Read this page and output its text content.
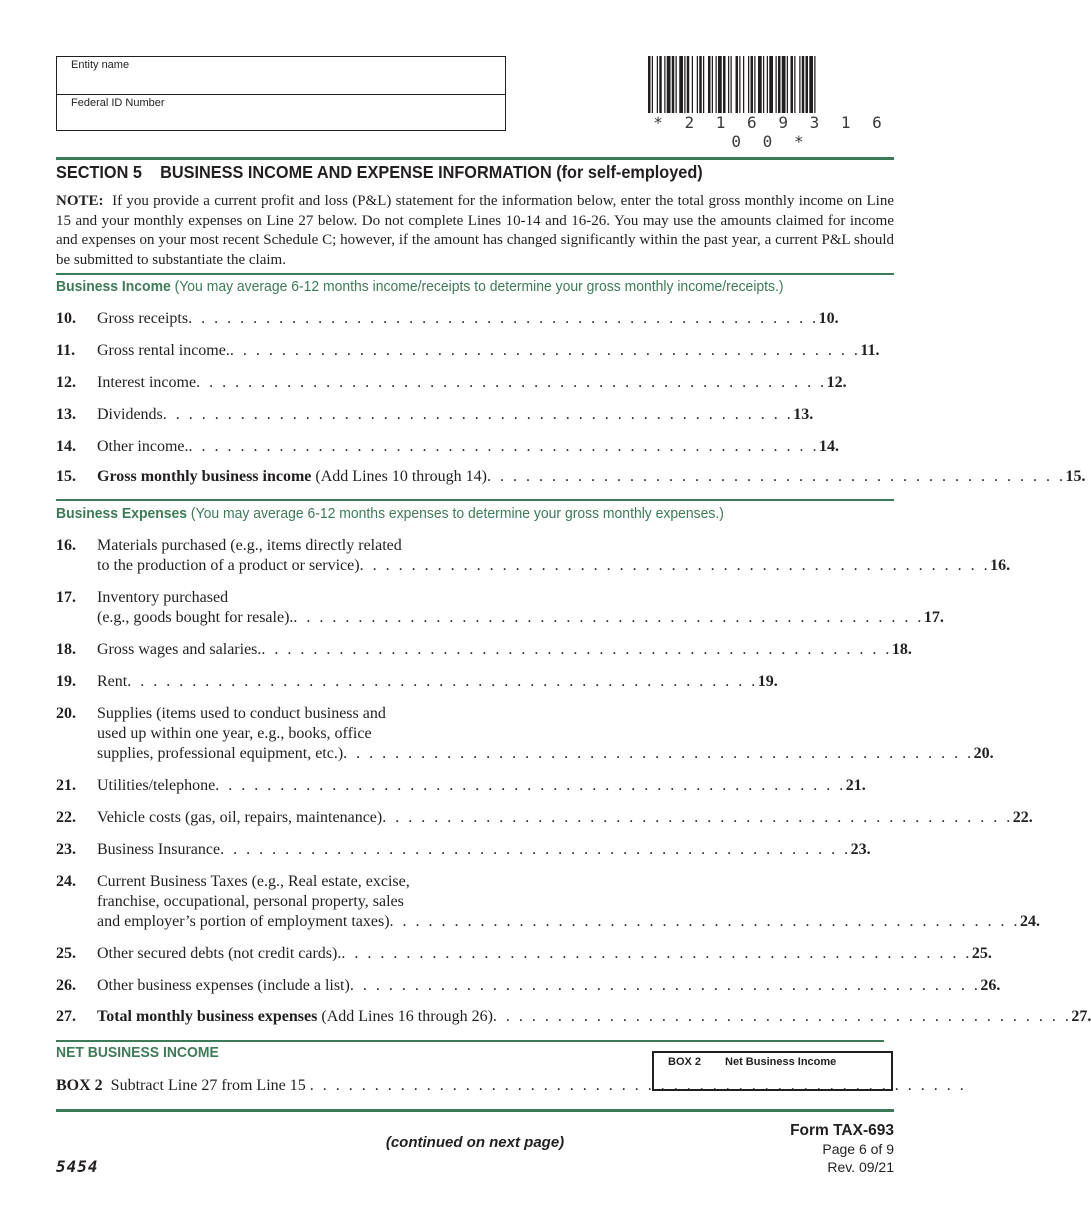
Entity name
Federal ID Number
* 2 1 6 9 3 1 6 0 0 *
SECTION 5 BUSINESS INCOME AND EXPENSE INFORMATION (for self-employed)
NOTE: If you provide a current profit and loss (P&L) statement for the information below, enter the total gross monthly income on Line 15 and your monthly expenses on Line 27 below. Do not complete Lines 10-14 and 16-26. You may use the amounts claimed for income and expenses on your most recent Schedule C; however, if the amount has changed significantly within the past year, a current P&L should be submitted to substantiate the claim.
Business Income (You may average 6-12 months income/receipts to determine your gross monthly income/receipts.)
10.	Gross receipts . . . . . . . . . . . . . . . . . . . . . . . . . . . . . . . . . . . . . . . . . . . . . . . . . 10.
11.	Gross rental income. . . . . . . . . . . . . . . . . . . . . . . . . . . . . . . . . . . . . . . . . . . . . . . . . . 11.
12.	Interest income . . . . . . . . . . . . . . . . . . . . . . . . . . . . . . . . . . . . . . . . . . . . . . . . . 12.
13.	Dividends . . . . . . . . . . . . . . . . . . . . . . . . . . . . . . . . . . . . . . . . . . . . . . . . . 13.
14.	Other income. . . . . . . . . . . . . . . . . . . . . . . . . . . . . . . . . . . . . . . . . . . . . . . . . . 14.
15.	Gross monthly business income (Add Lines 10 through 14) . . . . . . . . . . . . . . . . . . . . . . . . . . . . . . . . . . . . . . . . . . . . . 15.
Business Expenses (You may average 6-12 months expenses to determine your gross monthly expenses.)
16.	Materials purchased (e.g., items directly related
to the production of a product or service) . . . . . . . . . . . . . . . . . . . . . . . . . . . . . . . . . . . . . . . . . . . . . . . . . 16.
17.	Inventory purchased
(e.g., goods bought for resale). . . . . . . . . . . . . . . . . . . . . . . . . . . . . . . . . . . . . . . . . . . . . . . . . . 17.
18.	Gross wages and salaries. . . . . . . . . . . . . . . . . . . . . . . . . . . . . . . . . . . . . . . . . . . . . . . . . . 18.
19.	Rent . . . . . . . . . . . . . . . . . . . . . . . . . . . . . . . . . . . . . . . . . . . . . . . . . 19.
20.	Supplies (items used to conduct business and
used up within one year, e.g., books, office
supplies, professional equipment, etc.) . . . . . . . . . . . . . . . . . . . . . . . . . . . . . . . . . . . . . . . . . . . . . . . . . 20.
21.	Utilities/telephone . . . . . . . . . . . . . . . . . . . . . . . . . . . . . . . . . . . . . . . . . . . . . . . . . 21.
22.	Vehicle costs (gas, oil, repairs, maintenance) . . . . . . . . . . . . . . . . . . . . . . . . . . . . . . . . . . . . . . . . . . . . . . . . . 22.
23.	Business Insurance . . . . . . . . . . . . . . . . . . . . . . . . . . . . . . . . . . . . . . . . . . . . . . . . . 23.
24.	Current Business Taxes (e.g., Real estate, excise,
franchise, occupational, personal property, sales
and employer’s portion of employment taxes) . . . . . . . . . . . . . . . . . . . . . . . . . . . . . . . . . . . . . . . . . . . . . . . . . 24.
25.	Other secured debts (not credit cards). . . . . . . . . . . . . . . . . . . . . . . . . . . . . . . . . . . . . . . . . . . . . . . . . . 25.
26.	Other business expenses (include a list) . . . . . . . . . . . . . . . . . . . . . . . . . . . . . . . . . . . . . . . . . . . . . . . . . 26.
27.	Total monthly business expenses (Add Lines 16 through 26) . . . . . . . . . . . . . . . . . . . . . . . . . . . . . . . . . . . . . . . . . . . . . 27.
NET BUSINESS INCOME
BOX 2
Subtract Line 27 from Line 15
. . . . . . . . . . . . . . . . . . . . . . . . . . . . . . . . . . . . . . . . . . . . . . . . . . .
BOX 2 Net Business Income
(continued on next page)
Form TAX-693
Page 6 of 9
Rev. 09/21
5454
